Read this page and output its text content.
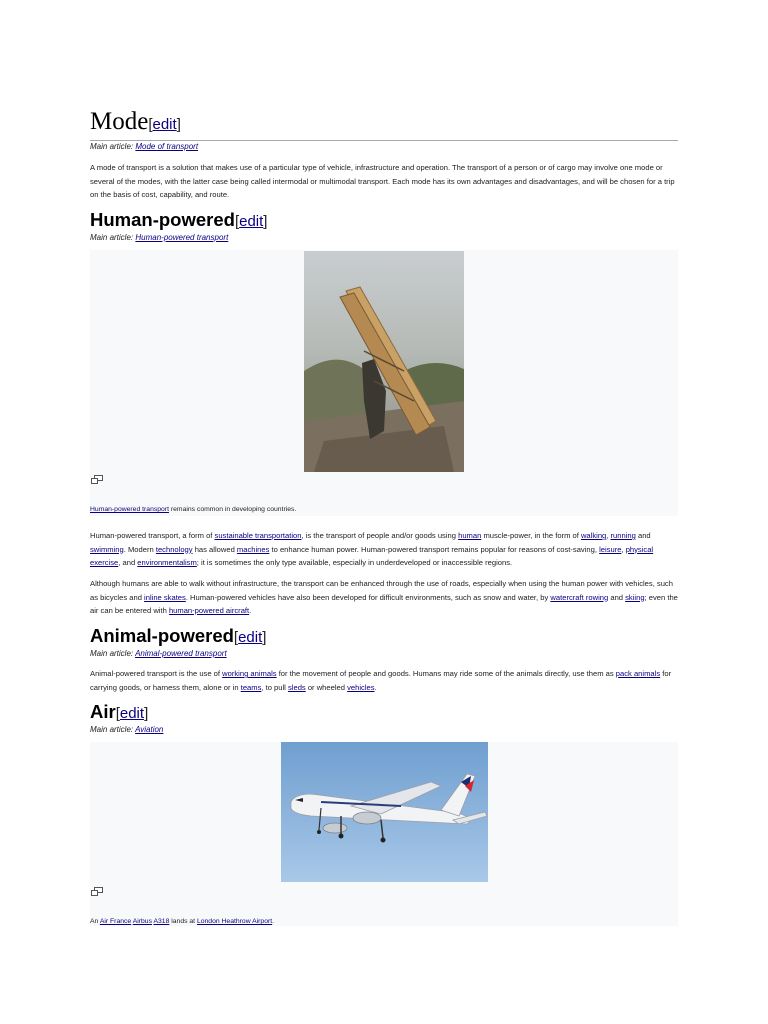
Mode[edit]
Main article: Mode of transport

A mode of transport is a solution that makes use of a particular type of vehicle, infrastructure and operation. The transport of a person or of cargo may involve one mode or several of the modes, with the latter case being called intermodal or multimodal transport. Each mode has its own advantages and disadvantages, and will be chosen for a trip on the basis of cost, capability, and route.

Human-powered[edit]
Main article: Human-powered transport
Human-powered transport remains common in developing countries.

Human-powered transport, a form of sustainable transportation, is the transport of people and/or goods using human muscle-power, in the form of walking, running and swimming. Modern technology has allowed machines to enhance human power. Human-powered transport remains popular for reasons of cost-saving, leisure, physical exercise, and environmentalism; it is sometimes the only type available, especially in underdeveloped or inaccessible regions.

Although humans are able to walk without infrastructure, the transport can be enhanced through the use of roads, especially when using the human power with vehicles, such as bicycles and inline skates. Human-powered vehicles have also been developed for difficult environments, such as snow and water, by watercraft rowing and skiing; even the air can be entered with human-powered aircraft.

Animal-powered[edit]
Main article: Animal-powered transport

Animal-powered transport is the use of working animals for the movement of people and goods. Humans may ride some of the animals directly, use them as pack animals for carrying goods, or harness them, alone or in teams, to pull sleds or wheeled vehicles.

Air[edit]
Main article: Aviation
An Air France Airbus A318 lands at London Heathrow Airport.
